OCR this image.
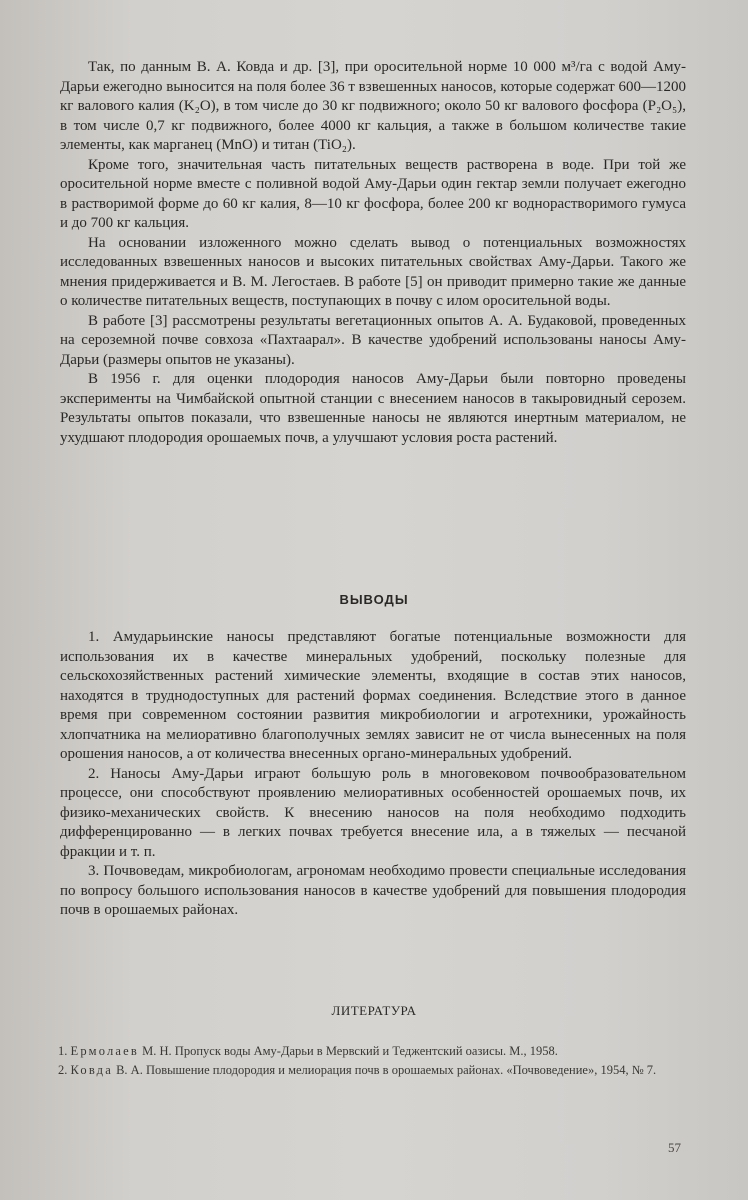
Так, по данным В. А. Ковда и др. [3], при оросительной норме 10 000 м³/га с водой Аму-Дарьи ежегодно выносится на поля более 36 т взвешенных наносов, которые содержат 600—1200 кг валового калия (K₂O), в том числе до 30 кг подвижного; около 50 кг валового фосфора (P₂O₅), в том числе 0,7 кг подвижного, более 4000 кг кальция, а также в большом количестве такие элементы, как марганец (MnO) и титан (TiO₂).

Кроме того, значительная часть питательных веществ растворена в воде. При той же оросительной норме вместе с поливной водой Аму-Дарьи один гектар земли получает ежегодно в растворимой форме до 60 кг калия, 8—10 кг фосфора, более 200 кг воднорастворимого гумуса и до 700 кг кальция.

На основании изложенного можно сделать вывод о потенциальных возможностях исследованных взвешенных наносов и высоких питательных свойствах Аму-Дарьи. Такого же мнения придерживается и В. М. Легостаев. В работе [5] он приводит примерно такие же данные о количестве питательных веществ, поступающих в почву с илом оросительной воды.

В работе [3] рассмотрены результаты вегетационных опытов А. А. Будаковой, проведенных на сероземной почве совхоза «Пахтаарал». В качестве удобрений использованы наносы Аму-Дарьи (размеры опытов не указаны).

В 1956 г. для оценки плодородия наносов Аму-Дарьи были повторно проведены эксперименты на Чимбайской опытной станции с внесением наносов в такыровидный серозем. Результаты опытов показали, что взвешенные наносы не являются инертным материалом, не ухудшают плодородия орошаемых почв, а улучшают условия роста растений.

ВЫВОДЫ

1. Амударьинские наносы представляют богатые потенциальные возможности для использования их в качестве минеральных удобрений, поскольку полезные для сельскохозяйственных растений химические элементы, входящие в состав этих наносов, находятся в труднодоступных для растений формах соединения. Вследствие этого в данное время при современном состоянии развития микробиологии и агротехники, урожайность хлопчатника на мелиоративно благополучных землях зависит не от числа вынесенных на поля орошения наносов, а от количества внесенных органо-минеральных удобрений.

2. Наносы Аму-Дарьи играют большую роль в многовековом почвообразовательном процессе, они способствуют проявлению мелиоративных особенностей орошаемых почв, их физико-механических свойств. К внесению наносов на поля необходимо подходить дифференцированно — в легких почвах требуется внесение ила, а в тяжелых — песчаной фракции и т. п.

3. Почвоведам, микробиологам, агрономам необходимо провести специальные исследования по вопросу большого использования наносов в качестве удобрений для повышения плодородия почв в орошаемых районах.

ЛИТЕРАТУРА

1. Ермолаев М. Н. Пропуск воды Аму-Дарьи в Мервский и Теджентский оазисы. М., 1958.

2. Ковда В. А. Повышение плодородия и мелиорация почв в орошаемых районах. «Почвоведение», 1954, № 7.

57
